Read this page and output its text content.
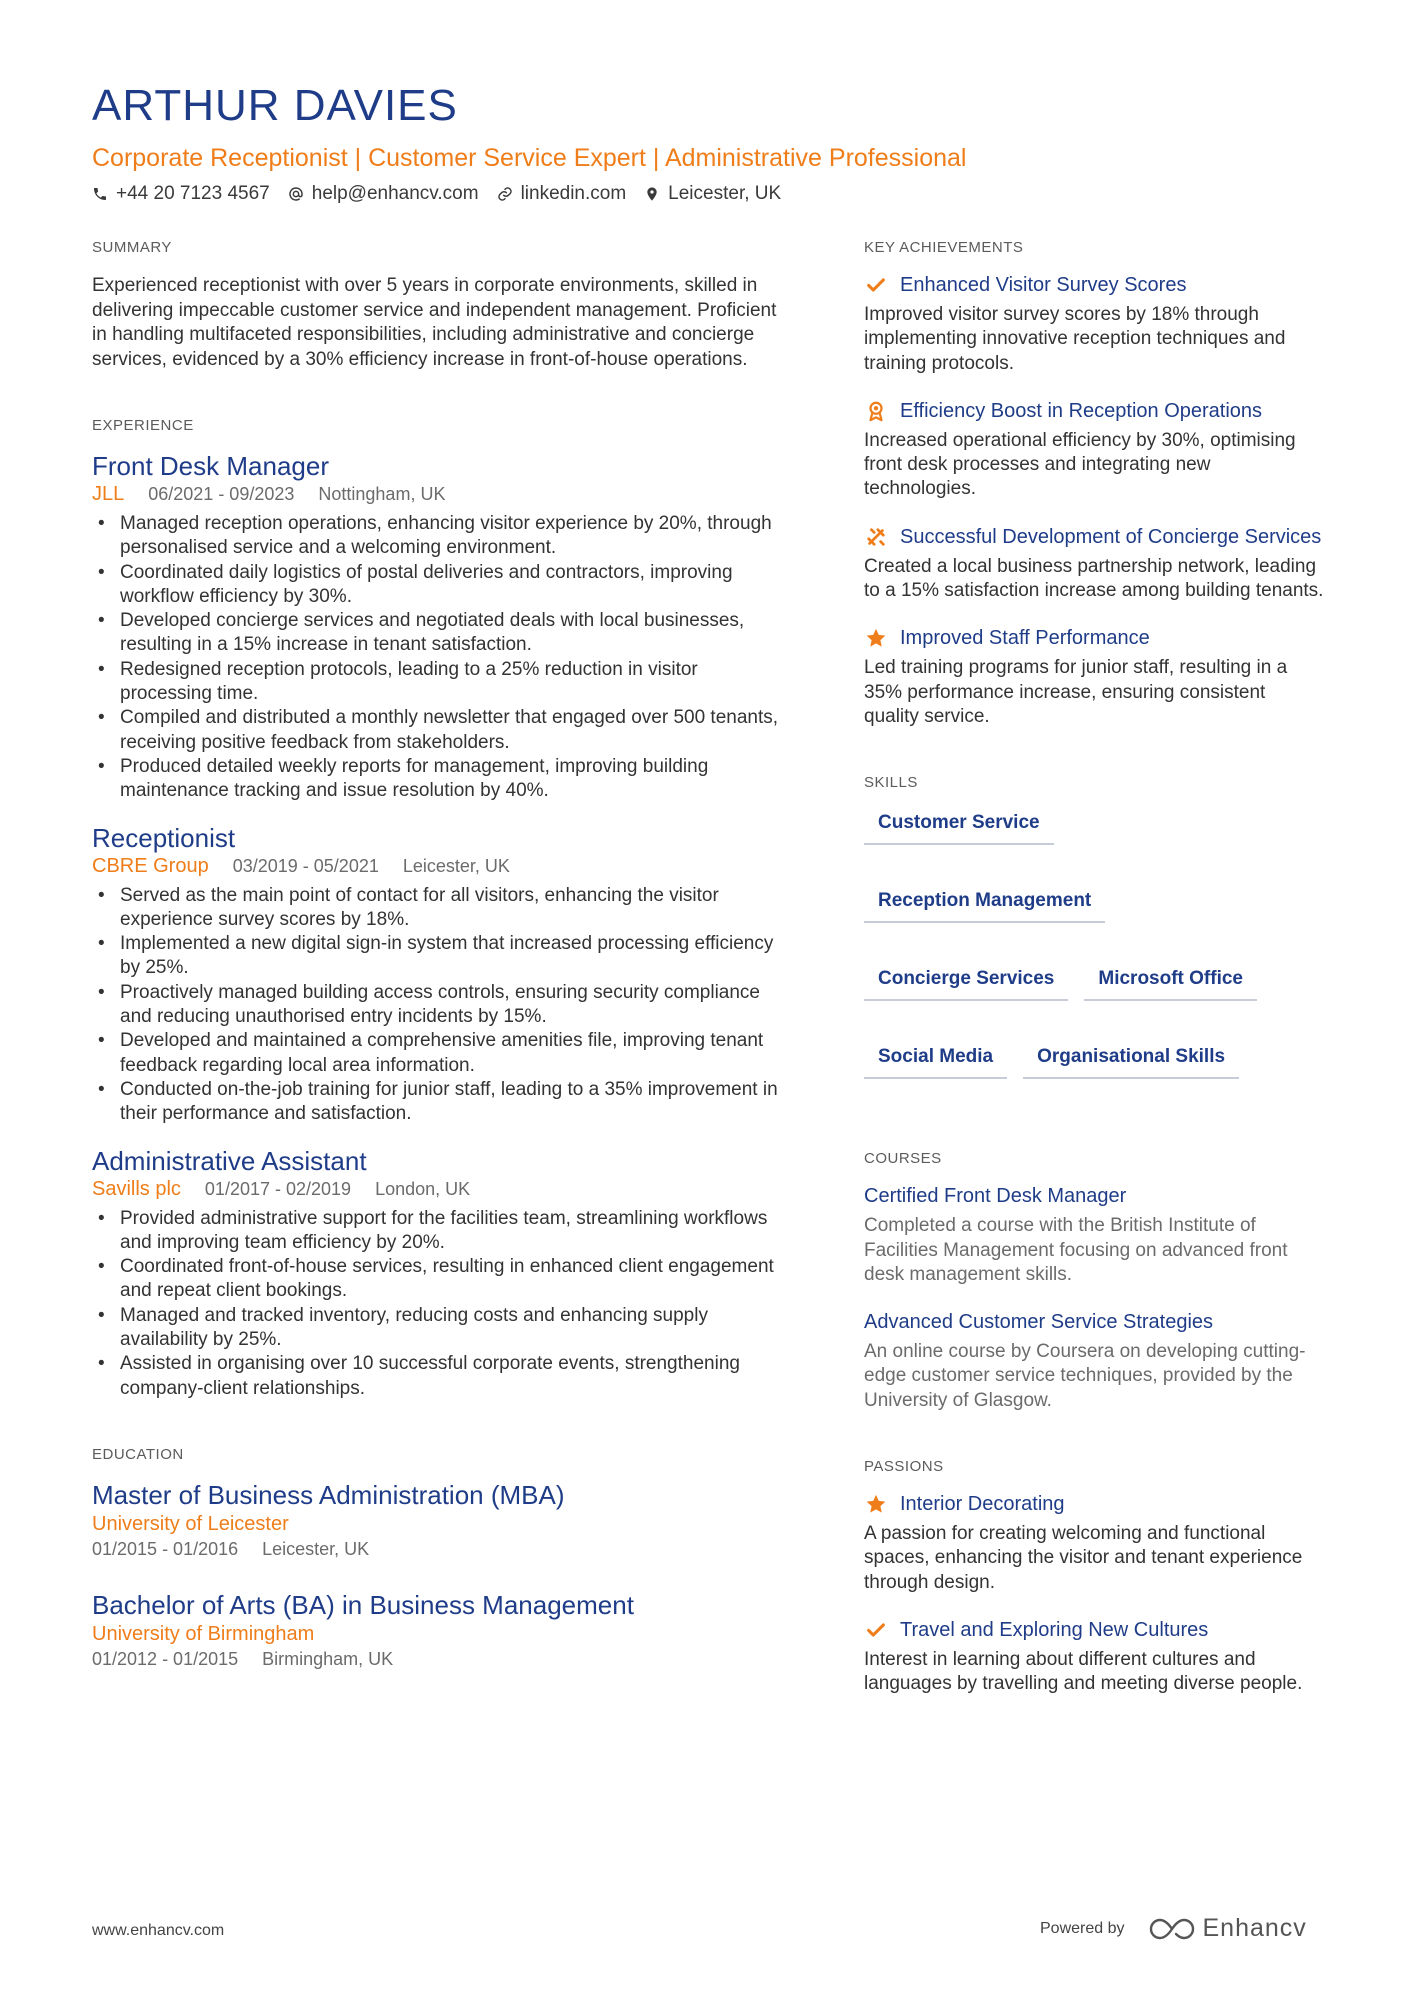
ARTHUR DAVIES
Corporate Receptionist | Customer Service Expert | Administrative Professional
+44 20 7123 4567 help@enhancv.com linkedin.com Leicester, UK
SUMMARY

Experienced receptionist with over 5 years in corporate environments, skilled in delivering impeccable customer service and independent management. Proficient in handling multifaceted responsibilities, including administrative and concierge services, evidenced by a 30% efficiency increase in front-of-house operations.

EXPERIENCE
Front Desk Manager
JLL 06/2021 - 09/2023 Nottingham, UK
• Managed reception operations, enhancing visitor experience by 20%, through personalised service and a welcoming environment.
• Coordinated daily logistics of postal deliveries and contractors, improving workflow efficiency by 30%.
• Developed concierge services and negotiated deals with local businesses, resulting in a 15% increase in tenant satisfaction.
• Redesigned reception protocols, leading to a 25% reduction in visitor processing time.
• Compiled and distributed a monthly newsletter that engaged over 500 tenants, receiving positive feedback from stakeholders.
• Produced detailed weekly reports for management, improving building maintenance tracking and issue resolution by 40%.
Receptionist
CBRE Group 03/2019 - 05/2021 Leicester, UK
• Served as the main point of contact for all visitors, enhancing the visitor experience survey scores by 18%.
• Implemented a new digital sign-in system that increased processing efficiency by 25%.
• Proactively managed building access controls, ensuring security compliance and reducing unauthorised entry incidents by 15%.
• Developed and maintained a comprehensive amenities file, improving tenant feedback regarding local area information.
• Conducted on-the-job training for junior staff, leading to a 35% improvement in their performance and satisfaction.
Administrative Assistant
Savills plc 01/2017 - 02/2019 London, UK
• Provided administrative support for the facilities team, streamlining workflows and improving team efficiency by 20%.
• Coordinated front-of-house services, resulting in enhanced client engagement and repeat client bookings.
• Managed and tracked inventory, reducing costs and enhancing supply availability by 25%.
• Assisted in organising over 10 successful corporate events, strengthening company-client relationships.
EDUCATION
Master of Business Administration (MBA)
University of Leicester
01/2015 - 01/2016 Leicester, UK
Bachelor of Arts (BA) in Business Management
University of Birmingham
01/2012 - 01/2015 Birmingham, UK
KEY ACHIEVEMENTS
Enhanced Visitor Survey Scores
Improved visitor survey scores by 18% through implementing innovative reception techniques and training protocols.
Efficiency Boost in Reception Operations
Increased operational efficiency by 30%, optimising front desk processes and integrating new technologies.
Successful Development of Concierge Services
Created a local business partnership network, leading to a 15% satisfaction increase among building tenants.
Improved Staff Performance
Led training programs for junior staff, resulting in a 35% performance increase, ensuring consistent quality service.
SKILLS
Customer Service
Reception Management
Concierge Services	Microsoft Office
Social Media	Organisational Skills
COURSES
Certified Front Desk Manager
Completed a course with the British Institute of Facilities Management focusing on advanced front desk management skills.
Advanced Customer Service Strategies
An online course by Coursera on developing cutting-edge customer service techniques, provided by the University of Glasgow.
PASSIONS
Interior Decorating
A passion for creating welcoming and functional spaces, enhancing the visitor and tenant experience through design.
Travel and Exploring New Cultures
Interest in learning about different cultures and languages by travelling and meeting diverse people.
www.enhancv.com	Powered by	Enhancv
